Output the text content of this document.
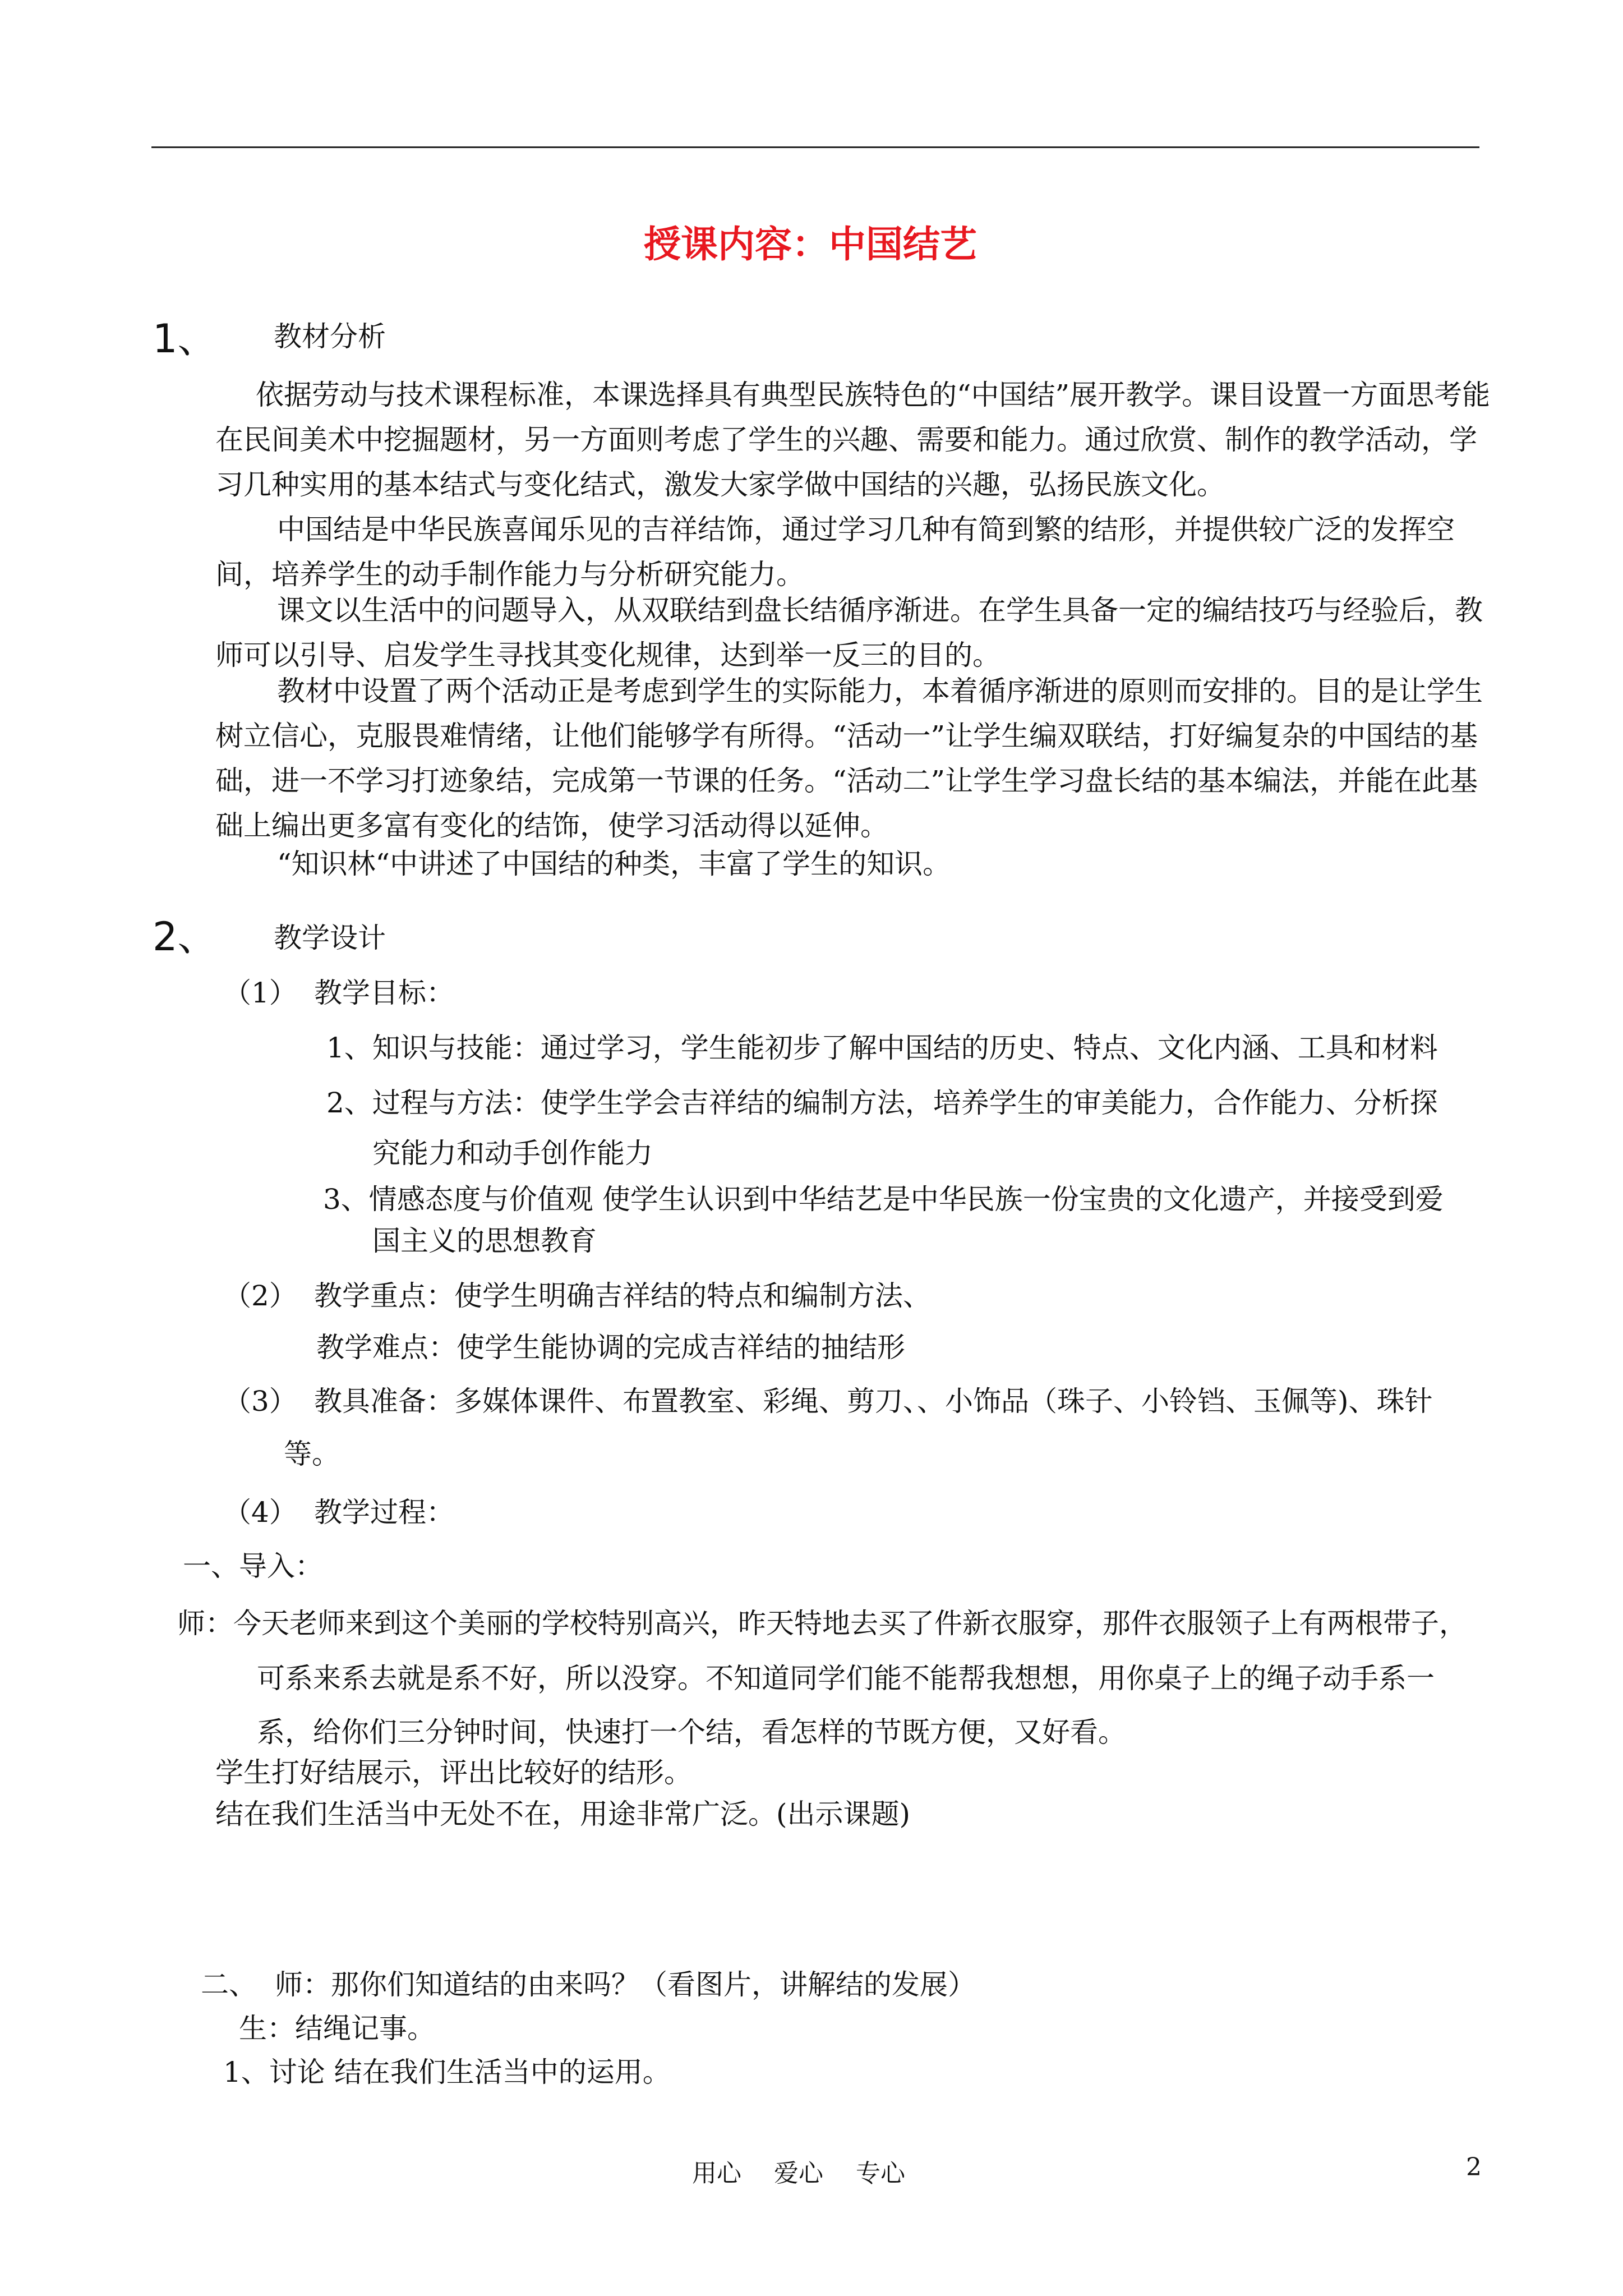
授课内容：中国结艺
1、 教材分析
依据劳动与技术课程标准，本课选择具有典型民族特色的“中国结”展开教学。课目设置一方面思考能在民间美术中挖掘题材，另一方面则考虑了学生的兴趣、需要和能力。通过欣赏、制作的教学活动，学习几种实用的基本结式与变化结式，激发大家学做中国结的兴趣，弘扬民族文化。
中国结是中华民族喜闻乐见的吉祥结饰，通过学习几种有简到繁的结形，并提供较广泛的发挥空间，培养学生的动手制作能力与分析研究能力。
课文以生活中的问题导入，从双联结到盘长结循序渐进。在学生具备一定的编结技巧与经验后，教师可以引导、启发学生寻找其变化规律，达到举一反三的目的。
教材中设置了两个活动正是考虑到学生的实际能力，本着循序渐进的原则而安排的。目的是让学生树立信心，克服畏难情绪，让他们能够学有所得。“活动一”让学生编双联结，打好编复杂的中国结的基础，进一不学习打迹象结，完成第一节课的任务。“活动二”让学生学习盘长结的基本编法，并能在此基础上编出更多富有变化的结饰，使学习活动得以延伸。
“知识林“中讲述了中国结的种类，丰富了学生的知识。
2、 教学设计
（1） 教学目标：
1、知识与技能：通过学习，学生能初步了解中国结的历史、特点、文化内涵、工具和材料
2、过程与方法：使学生学会吉祥结的编制方法，培养学生的审美能力，合作能力、分析探
究能力和动手创作能力
3、情感态度与价值观 使学生认识到中华结艺是中华民族一份宝贵的文化遗产，并接受到爱
国主义的思想教育
（2） 教学重点：使学生明确吉祥结的特点和编制方法、
教学难点：使学生能协调的完成吉祥结的抽结形
（3） 教具准备：多媒体课件、布置教室、彩绳、剪刀、、小饰品（珠子、小铃铛、玉佩等)、珠针
等。
（4） 教学过程：
一、导入：
师：今天老师来到这个美丽的学校特别高兴，昨天特地去买了件新衣服穿，那件衣服领子上有两根带子，
可系来系去就是系不好，所以没穿。不知道同学们能不能帮我想想，用你桌子上的绳子动手系一
系，给你们三分钟时间，快速打一个结，看怎样的节既方便，又好看。
学生打好结展示，评出比较好的结形。
结在我们生活当中无处不在，用途非常广泛。(出示课题)
二、 师：那你们知道结的由来吗？（看图片，讲解结的发展）
生：结绳记事。
1、讨论 结在我们生活当中的运用。
用心　 爱心　 专心	2
